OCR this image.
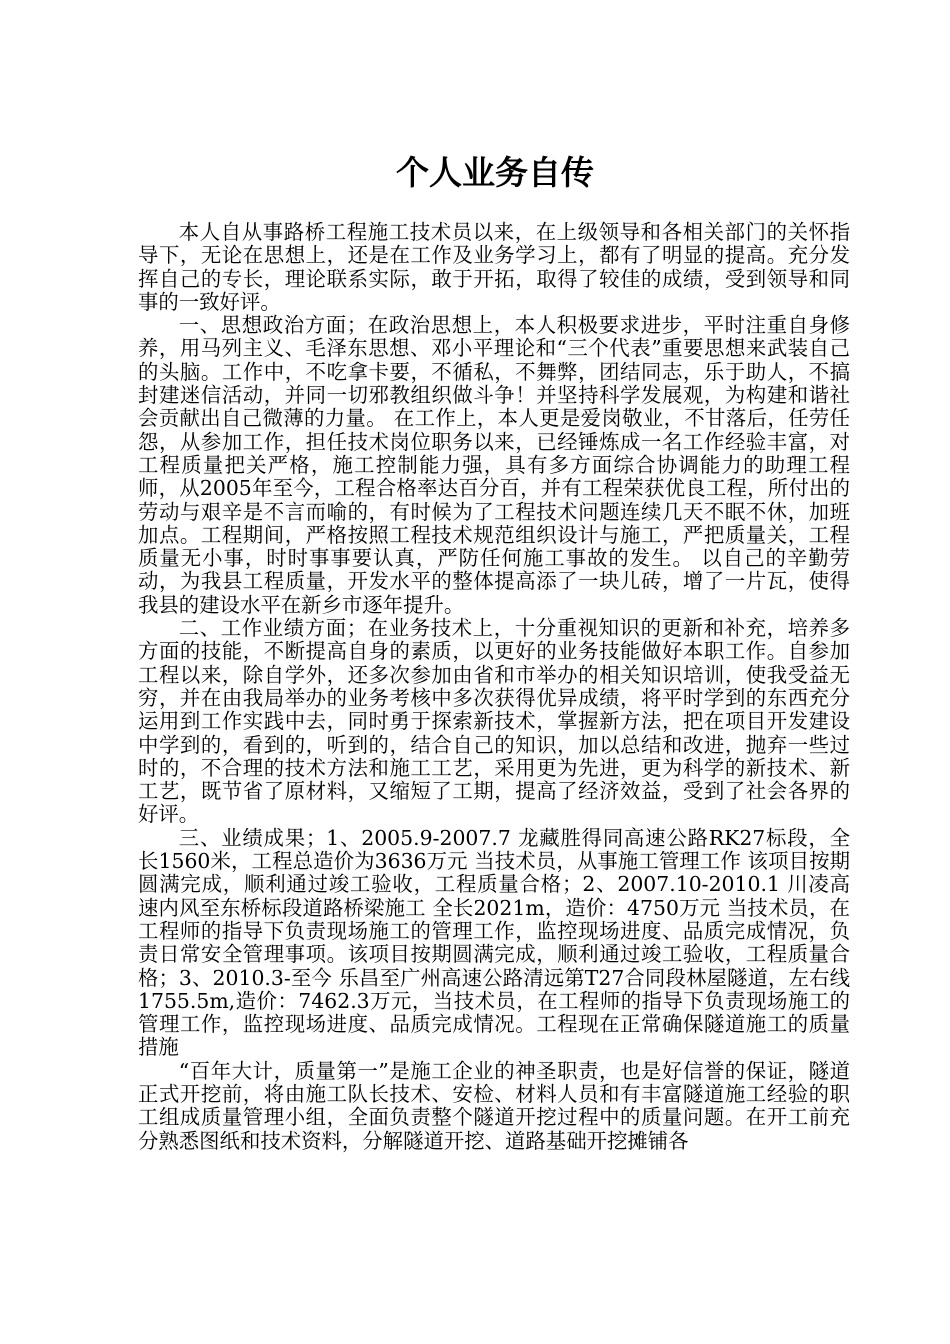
个人业务自传

本人自从事路桥工程施工技术员以来，在上级领导和各相关部门的关怀指导下，无论在思想上，还是在工作及业务学习上，都有了明显的提高。充分发挥自己的专长，理论联系实际，敢于开拓，取得了较佳的成绩，受到领导和同事的一致好评。

一、思想政治方面；在政治思想上，本人积极要求进步，平时注重自身修养，用马列主义、毛泽东思想、邓小平理论和“三个代表”重要思想来武装自己的头脑。工作中，不吃拿卡要，不循私，不舞弊，团结同志，乐于助人，不搞封建迷信活动，并同一切邪教组织做斗争！并坚持科学发展观，为构建和谐社会贡献出自己微薄的力量。 在工作上，本人更是爱岗敬业，不甘落后，任劳任怨，从参加工作，担任技术岗位职务以来，已经锤炼成一名工作经验丰富，对工程质量把关严格，施工控制能力强，具有多方面综合协调能力的助理工程师，从2005年至今，工程合格率达百分百，并有工程荣获优良工程，所付出的劳动与艰辛是不言而喻的，有时候为了工程技术问题连续几天不眠不休，加班加点。工程期间，严格按照工程技术规范组织设计与施工，严把质量关，工程质量无小事，时时事事要认真，严防任何施工事故的发生。 以自己的辛勤劳动，为我县工程质量，开发水平的整体提高添了一块儿砖，增了一片瓦，使得我县的建设水平在新乡市逐年提升。

二、工作业绩方面；在业务技术上，十分重视知识的更新和补充，培养多方面的技能，不断提高自身的素质，以更好的业务技能做好本职工作。自参加工程以来，除自学外，还多次参加由省和市举办的相关知识培训，使我受益无穷，并在由我局举办的业务考核中多次获得优异成绩，将平时学到的东西充分运用到工作实践中去，同时勇于探索新技术，掌握新方法，把在项目开发建设中学到的，看到的，听到的，结合自己的知识，加以总结和改进，抛弃一些过时的，不合理的技术方法和施工工艺，采用更为先进，更为科学的新技术、新工艺，既节省了原材料，又缩短了工期，提高了经济效益，受到了社会各界的好评。

三、业绩成果；1、2005.9-2007.7 龙藏胜得同高速公路RK27标段，全长1560米，工程总造价为3636万元 当技术员，从事施工管理工作 该项目按期圆满完成，顺利通过竣工验收，工程质量合格；2、2007.10-2010.1 川凌高速内风至东桥标段道路桥梁施工 全长2021m，造价：4750万元 当技术员，在工程师的指导下负责现场施工的管理工作，监控现场进度、品质完成情况，负责日常安全管理事项。该项目按期圆满完成，顺利通过竣工验收，工程质量合格；3、2010.3-至今 乐昌至广州高速公路清远第T27合同段林屋隧道，左右线1755.5m,造价：7462.3万元，当技术员，在工程师的指导下负责现场施工的管理工作，监控现场进度、品质完成情况。工程现在正常确保隧道施工的质量措施

“百年大计，质量第一”是施工企业的神圣职责，也是好信誉的保证，隧道正式开挖前，将由施工队长技术、安检、材料人员和有丰富隧道施工经验的职工组成质量管理小组，全面负责整个隧道开挖过程中的质量问题。在开工前充分熟悉图纸和技术资料，分解隧道开挖、道路基础开挖摊铺各
